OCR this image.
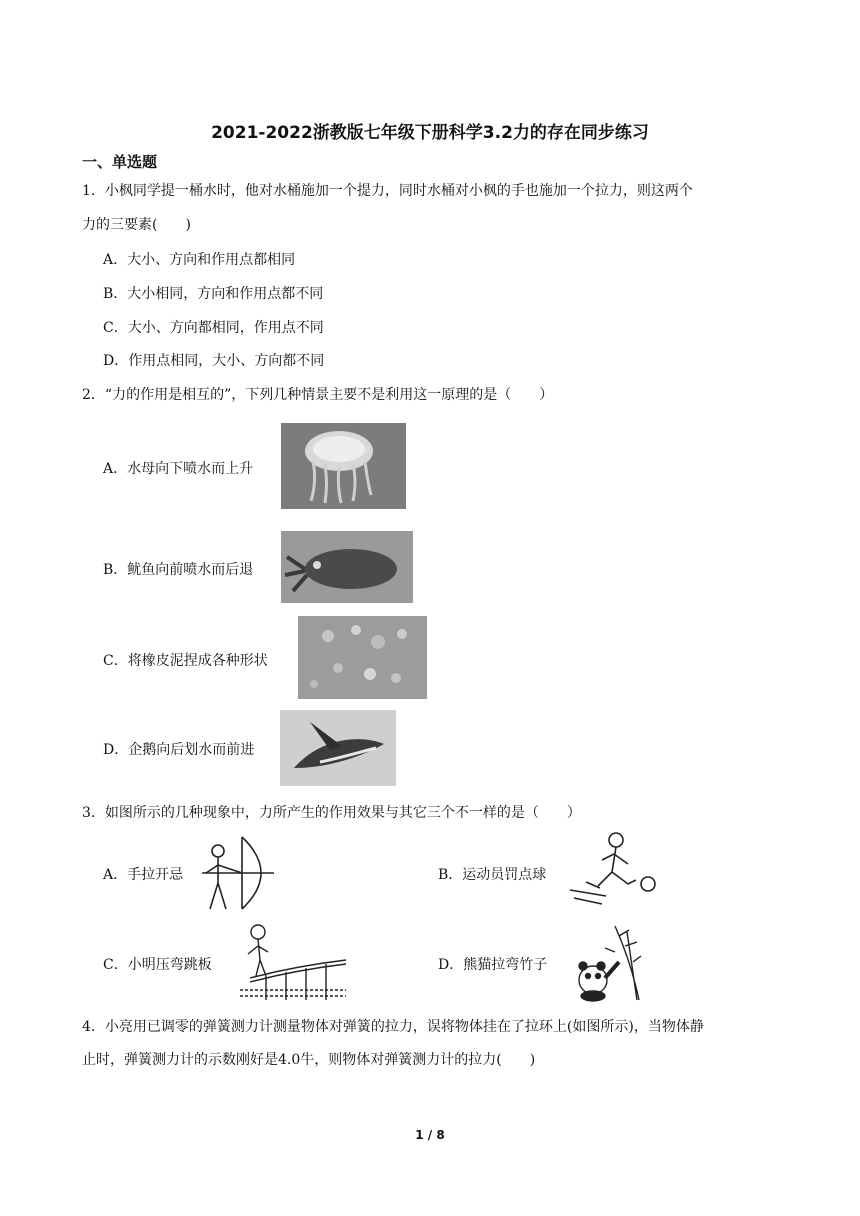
2021-2022浙教版七年级下册科学3.2力的存在同步练习
一、单选题
1．小枫同学提一桶水时，他对水桶施加一个提力，同时水桶对小枫的手也施加一个拉力，则这两个
力的三要素(　　)
A．大小、方向和作用点都相同
B．大小相同，方向和作用点都不同
C．大小、方向都相同，作用点不同
D．作用点相同，大小、方向都不同
2．“力的作用是相互的”，下列几种情景主要不是利用这一原理的是（　　）
A．水母向下喷水而上升
B．鱿鱼向前喷水而后退
C．将橡皮泥捏成各种形状
D．企鹅向后划水而前进
3．如图所示的几种现象中，力所产生的作用效果与其它三个不一样的是（　　）
A．手拉开忌	B．运动员罚点球
C．小明压弯跳板	D．熊猫拉弯竹子
4．小亮用已调零的弹簧测力计测量物体对弹簧的拉力，误将物体挂在了拉环上(如图所示)，当物体静
止时，弹簧测力计的示数刚好是4.0牛，则物体对弹簧测力计的拉力(　　)
1 / 8
